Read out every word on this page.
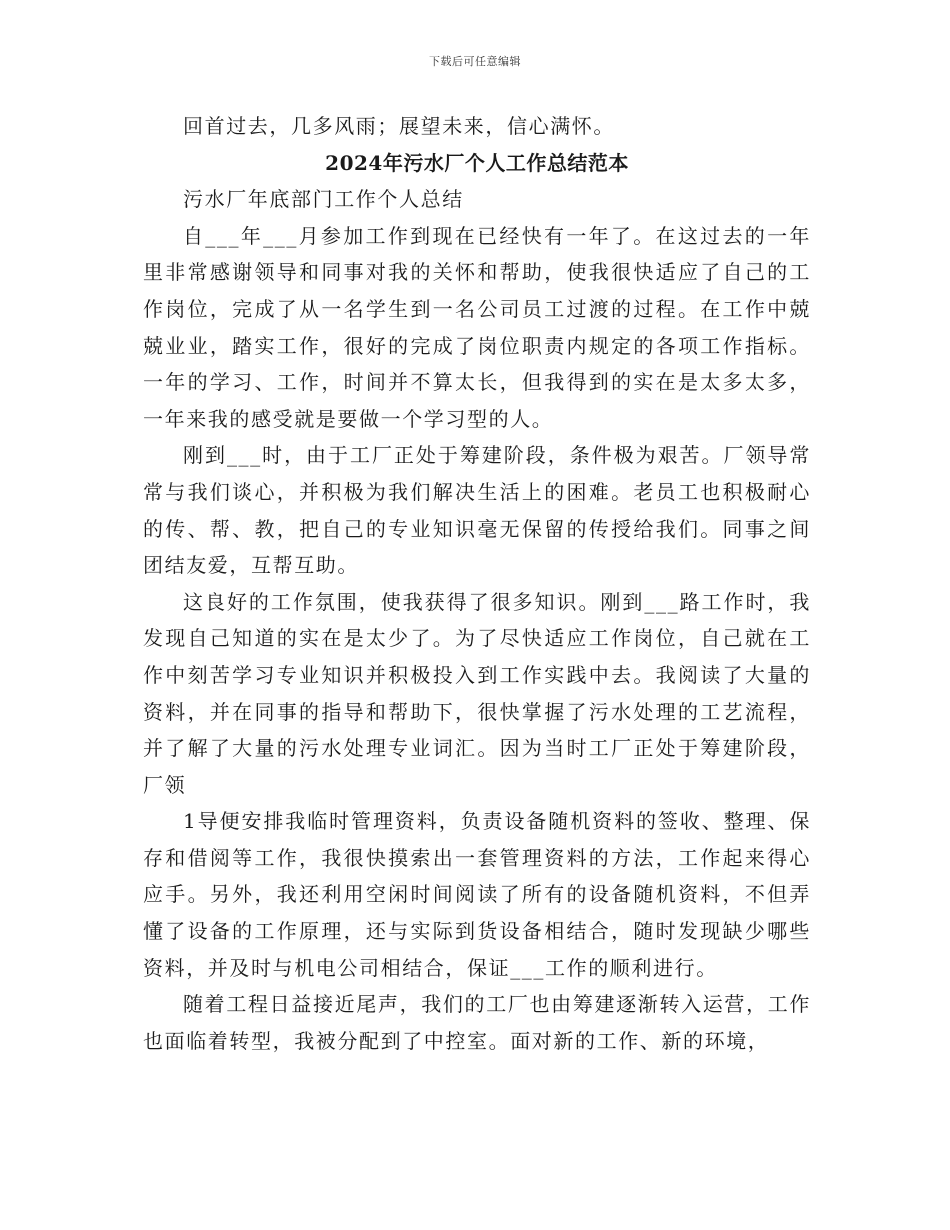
下载后可任意编辑

回首过去，几多风雨；展望未来，信心满怀。

2024年污水厂个人工作总结范本

污水厂年底部门工作个人总结

自___年___月参加工作到现在已经快有一年了。在这过去的一年里非常感谢领导和同事对我的关怀和帮助，使我很快适应了自己的工作岗位，完成了从一名学生到一名公司员工过渡的过程。在工作中兢兢业业，踏实工作，很好的完成了岗位职责内规定的各项工作指标。一年的学习、工作，时间并不算太长，但我得到的实在是太多太多，一年来我的感受就是要做一个学习型的人。

刚到___时，由于工厂正处于筹建阶段，条件极为艰苦。厂领导常常与我们谈心，并积极为我们解决生活上的困难。老员工也积极耐心的传、帮、教，把自己的专业知识毫无保留的传授给我们。同事之间团结友爱，互帮互助。

这良好的工作氛围，使我获得了很多知识。刚到___路工作时，我发现自己知道的实在是太少了。为了尽快适应工作岗位，自己就在工作中刻苦学习专业知识并积极投入到工作实践中去。我阅读了大量的资料，并在同事的指导和帮助下，很快掌握了污水处理的工艺流程，并了解了大量的污水处理专业词汇。因为当时工厂正处于筹建阶段，厂领

1导便安排我临时管理资料，负责设备随机资料的签收、整理、保存和借阅等工作，我很快摸索出一套管理资料的方法，工作起来得心应手。另外，我还利用空闲时间阅读了所有的设备随机资料，不但弄懂了设备的工作原理，还与实际到货设备相结合，随时发现缺少哪些资料，并及时与机电公司相结合，保证___工作的顺利进行。

随着工程日益接近尾声，我们的工厂也由筹建逐渐转入运营，工作也面临着转型，我被分配到了中控室。面对新的工作、新的环境，
